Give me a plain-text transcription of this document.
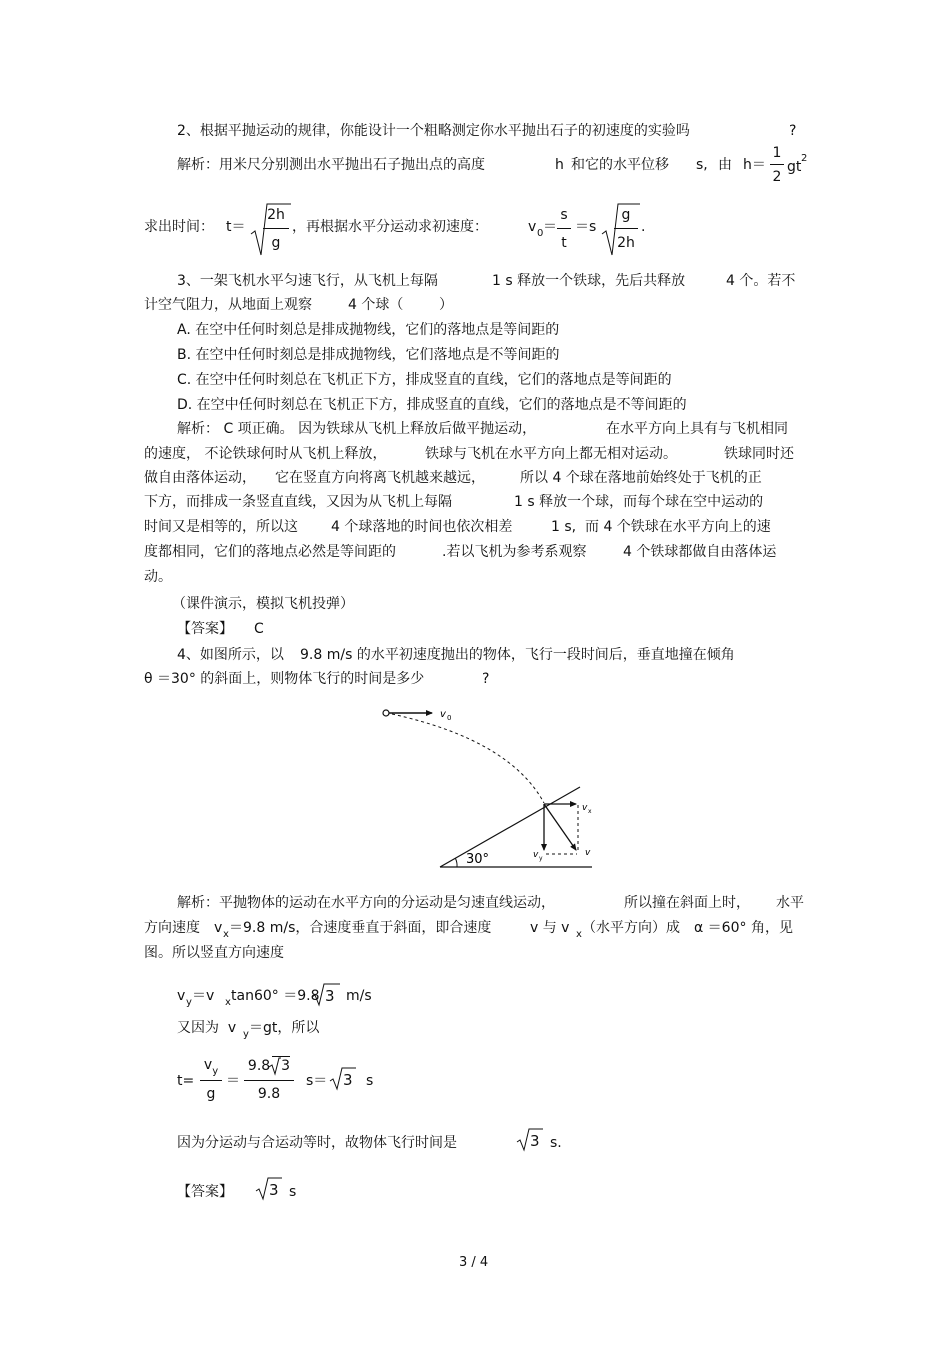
2、根据平抛运动的规律，你能设计一个粗略测定你水平抛出石子的初速度的实验吗	?
解析：用米尺分别测出水平抛出石子抛出点的高度	h 和它的水平位移 s, 由 h＝
1
2
gt
2
求出时间： t＝
2h
g
，再根据水平分运动求初速度：	v 0 ＝
s
t
＝s
g
2h
.
3、一架飞机水平匀速飞行，从飞机上每隔	1 s 释放一个铁球，先后共释放	4 个。若不
计空气阻力，从地面上观察	4 个球（        ）
A. 在空中任何时刻总是排成抛物线，它们的落地点是等间距的
B. 在空中任何时刻总是排成抛物线，它们落地点是不等间距的
C. 在空中任何时刻总在飞机正下方，排成竖直的直线，它们的落地点是等间距的
D. 在空中任何时刻总在飞机正下方，排成竖直的直线，它们的落地点是不等间距的
解析： C 项正确。 因为铁球从飞机上释放后做平抛运动，	在水平方向上具有与飞机相同
的速度， 不论铁球何时从飞机上释放，	铁球与飞机在水平方向上都无相对运动。	铁球同时还
做自由落体运动， 它在竖直方向将离飞机越来越远，	所以 4 个球在落地前始终处于飞机的正
下方，而排成一条竖直直线，又因为从飞机上每隔	1 s 释放一个球，而每个球在空中运动的
时间又是相等的，所以这 4 个球落地的时间也依次相差	1 s,  而 4 个铁球在水平方向上的速
度都相同，它们的落地点必然是等间距的	.若以飞机为参考系观察	4 个铁球都做自由落体运
动。
（课件演示，模拟飞机投弹）
【答案】 C
4、如图所示，以 9.8 m/s 的水平初速度抛出的物体，飞行一段时间后，垂直地撞在倾角
θ ＝30° 的斜面上，则物体飞行的时间是多少	?
v 0
30°
v x
v y
v
解析：平抛物体的运动在水平方向的分运动是匀速直线运动，	所以撞在斜面上时， 水平
方向速度 v x ＝9.8 m/s，合速度垂直于斜面，即合速度	v 与 v x （水平方向）成 α ＝60° 角，见
图。所以竖直方向速度
v y ＝v x tan60° ＝9.8 3 m/s
又因为  v y ＝gt，所以
t=
$v_y$
g
＝
9.8 3
9.8
s＝ 3 s
因为分运动与合运动等时，故物体飞行时间是	3 s.
【答案】 3 s
3 / 4
